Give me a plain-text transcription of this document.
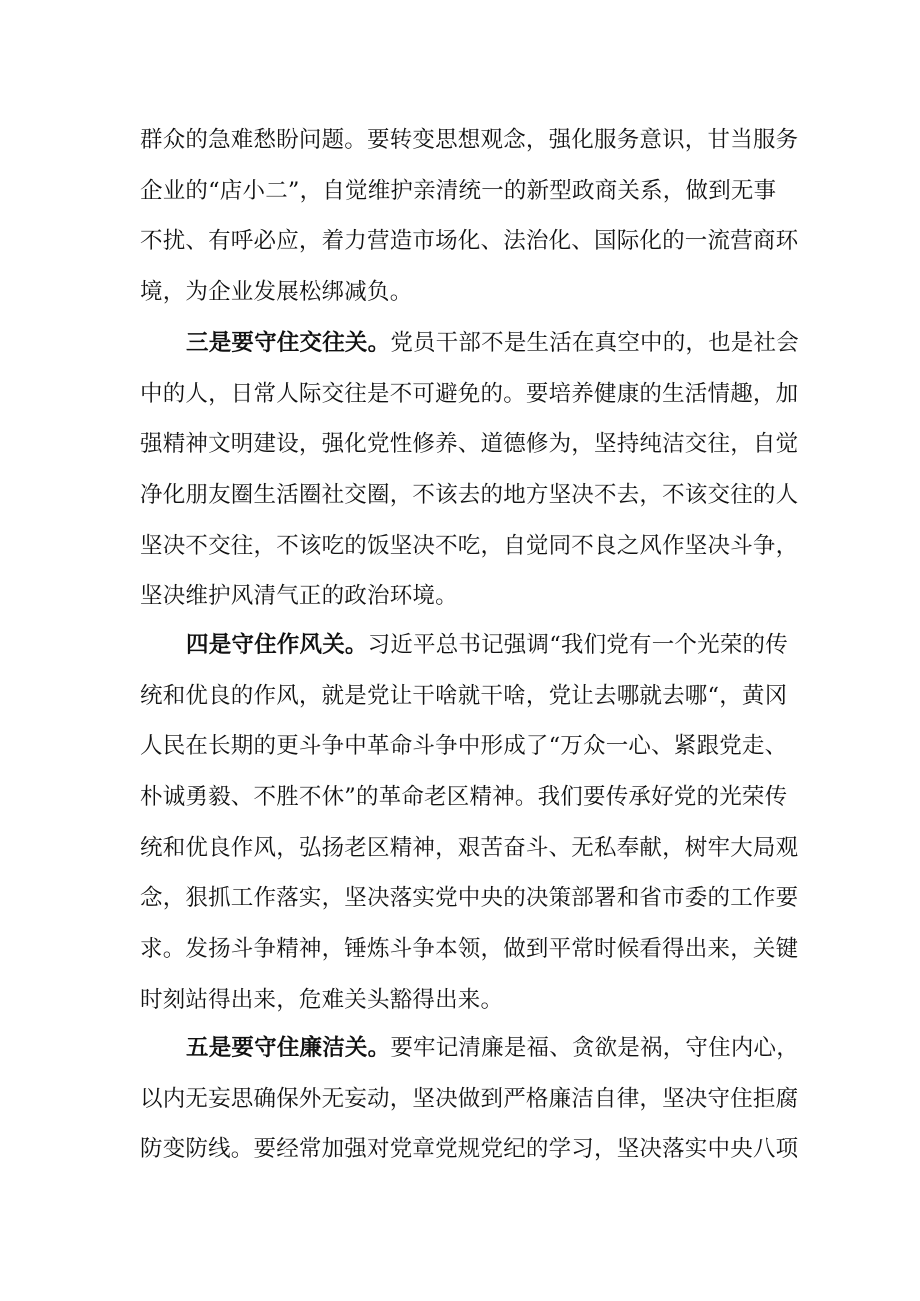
群众的急难愁盼问题。要转变思想观念，强化服务意识，甘当服务
企业的“店小二”，自觉维护亲清统一的新型政商关系，做到无事
不扰、有呼必应，着力营造市场化、法治化、国际化的一流营商环
境，为企业发展松绑减负。
三是要守住交往关。党员干部不是生活在真空中的，也是社会
中的人，日常人际交往是不可避免的。要培养健康的生活情趣，加
强精神文明建设，强化党性修养、道德修为，坚持纯洁交往，自觉
净化朋友圈生活圈社交圈，不该去的地方坚决不去，不该交往的人
坚决不交往，不该吃的饭坚决不吃，自觉同不良之风作坚决斗争，
坚决维护风清气正的政治环境。
四是守住作风关。习近平总书记强调“我们党有一个光荣的传
统和优良的作风，就是党让干啥就干啥，党让去哪就去哪“，黄冈
人民在长期的更斗争中革命斗争中形成了“万众一心、紧跟党走、
朴诚勇毅、不胜不休”的革命老区精神。我们要传承好党的光荣传
统和优良作风，弘扬老区精神，艰苦奋斗、无私奉献，树牢大局观
念，狠抓工作落实，坚决落实党中央的决策部署和省市委的工作要
求。发扬斗争精神，锤炼斗争本领，做到平常时候看得出来，关键
时刻站得出来，危难关头豁得出来。
五是要守住廉洁关。要牢记清廉是福、贪欲是祸，守住内心，
以内无妄思确保外无妄动，坚决做到严格廉洁自律，坚决守住拒腐
防变防线。要经常加强对党章党规党纪的学习，坚决落实中央八项
